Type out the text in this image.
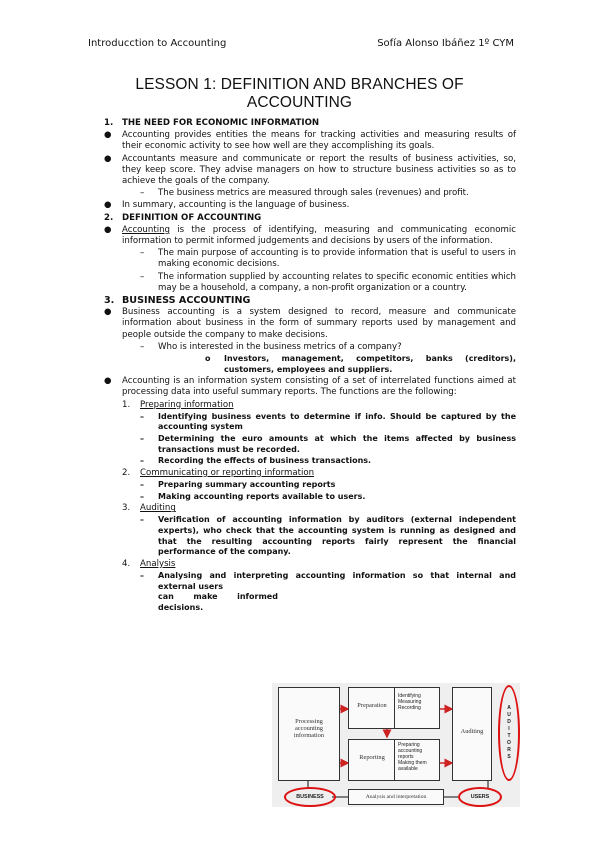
Introducction to Accounting	Sofía Alonso Ibáñez 1º CYM
LESSON 1: DEFINITION AND BRANCHES OF
ACCOUNTING
1. THE NEED FOR ECONOMIC INFORMATION
● Accounting provides entities the means for tracking activities and measuring results of their economic activity to see how well are they accomplishing its goals.
● Accountants measure and communicate or report the results of business activities, so, they keep score. They advise managers on how to structure business activities so as to achieve the goals of the company.
– The business metrics are measured through sales (revenues) and profit.
● In summary, accounting is the language of business.
2. DEFINITION OF ACCOUNTING
● Accounting is the process of identifying, measuring and communicating economic information to permit informed judgements and decisions by users of the information.
– The main purpose of accounting is to provide information that is useful to users in making economic decisions.
– The information supplied by accounting relates to specific economic entities which may be a household, a company, a non-profit organization or a country.
3. BUSINESS ACCOUNTING
● Business accounting is a system designed to record, measure and communicate information about business in the form of summary reports used by management and people outside the company to make decisions.
– Who is interested in the business metrics of a company?
o Investors, management, competitors, banks (creditors), customers, employees and suppliers.
● Accounting is an information system consisting of a set of interrelated functions aimed at processing data into useful summary reports. The functions are the following:
1. Preparing information
– Identifying business events to determine if info. Should be captured by the accounting system
– Determining the euro amounts at which the items affected by business transactions must be recorded.
– Recording the effects of business transactions.
2. Communicating or reporting information
– Preparing summary accounting reports
– Making accounting reports available to users.
3. Auditing
– Verification of accounting information by auditors (external independent experts), who check that the accounting system is running as designed and that the resulting accounting reports fairly represent the financial performance of the company.
4. Analysis
– Analysing and interpreting accounting information so that internal and external users
can       make       informed
decisions.
Processing accounting information
Preparation
Identifying
Measuring
Recording
Reporting
Preparing accounting reports
Making them available
Auditing	AUDITORS
BUSINESS	Analysis and interpretation	USERS
